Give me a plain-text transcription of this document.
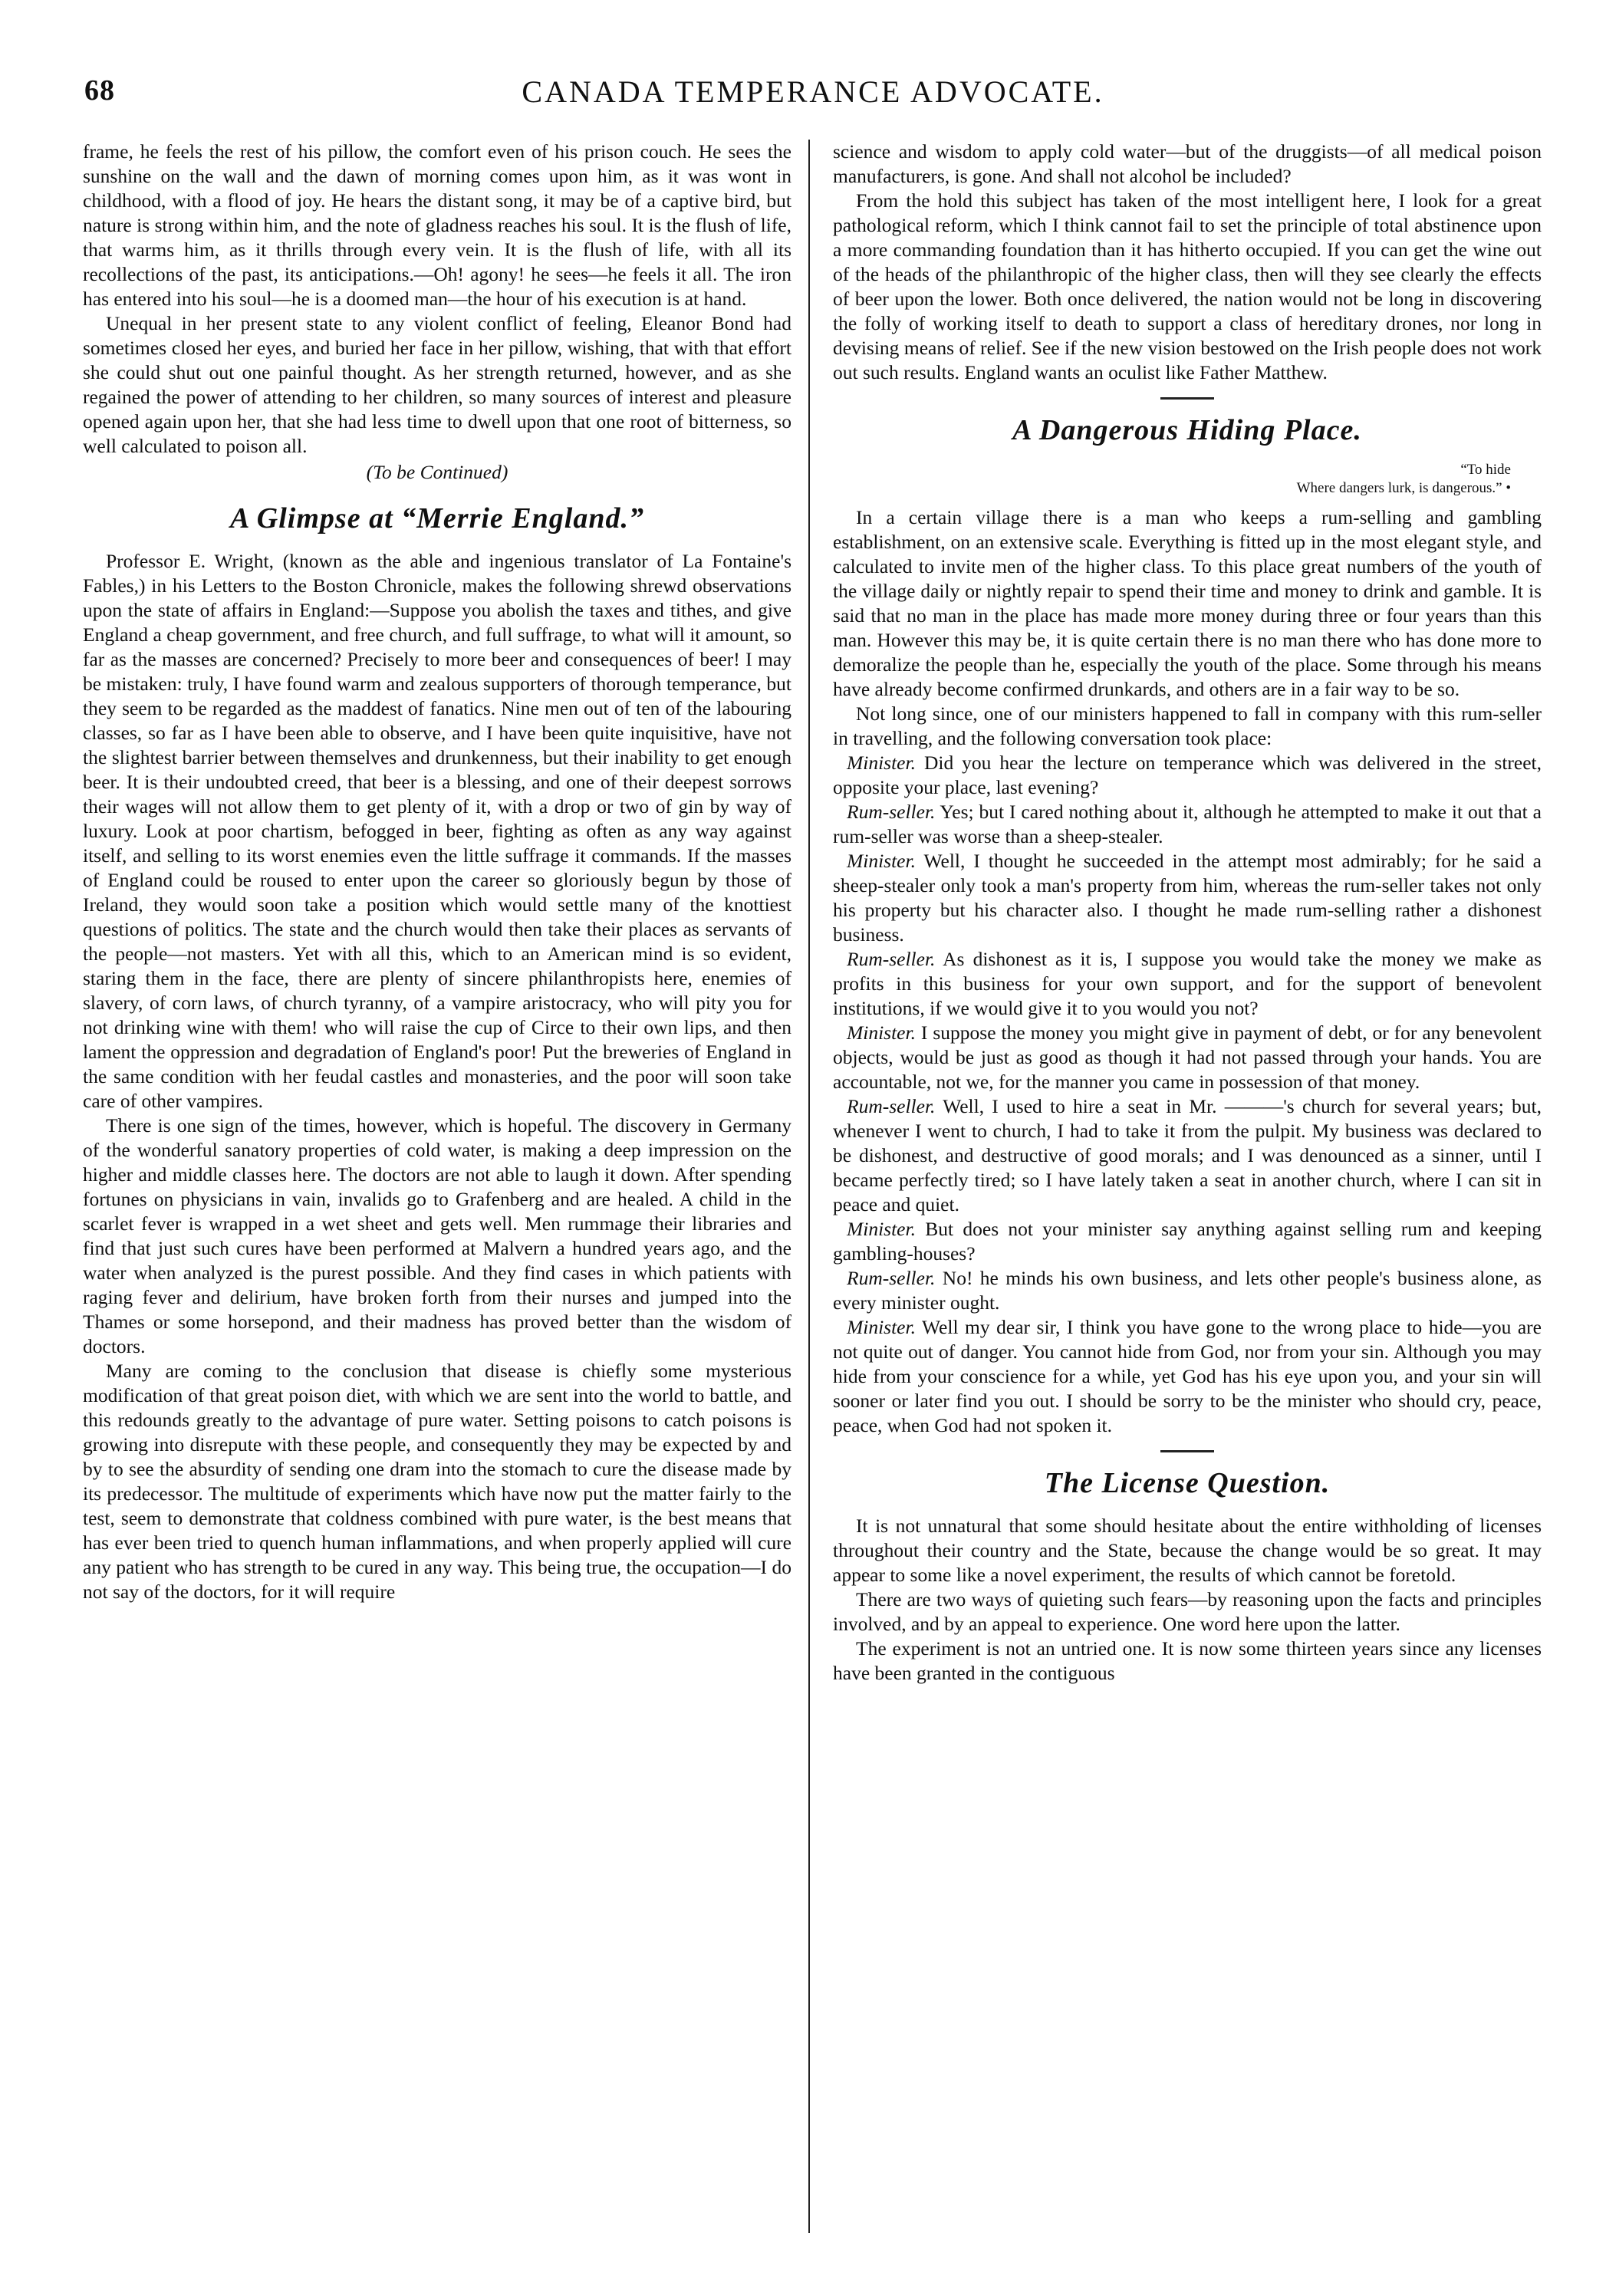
68	CANADA TEMPERANCE ADVOCATE.

frame, he feels the rest of his pillow, the comfort even of his prison couch. He sees the sunshine on the wall and the dawn of morning comes upon him, as it was wont in childhood, with a flood of joy. He hears the distant song, it may be of a captive bird, but nature is strong within him, and the note of gladness reaches his soul. It is the flush of life, that warms him, as it thrills through every vein. It is the flush of life, with all its recollections of the past, its anticipations.—Oh! agony! he sees—he feels it all. The iron has entered into his soul—he is a doomed man—the hour of his execution is at hand.

Unequal in her present state to any violent conflict of feeling, Eleanor Bond had sometimes closed her eyes, and buried her face in her pillow, wishing, that with that effort she could shut out one painful thought. As her strength returned, however, and as she regained the power of attending to her children, so many sources of interest and pleasure opened again upon her, that she had less time to dwell upon that one root of bitterness, so well calculated to poison all.

(To be Continued)

A Glimpse at “Merrie England.”

Professor E. Wright, (known as the able and ingenious translator of La Fontaine's Fables,) in his Letters to the Boston Chronicle, makes the following shrewd observations upon the state of affairs in England:—Suppose you abolish the taxes and tithes, and give England a cheap government, and free church, and full suffrage, to what will it amount, so far as the masses are concerned? Precisely to more beer and consequences of beer! I may be mistaken: truly, I have found warm and zealous supporters of thorough temperance, but they seem to be regarded as the maddest of fanatics. Nine men out of ten of the labouring classes, so far as I have been able to observe, and I have been quite inquisitive, have not the slightest barrier between themselves and drunkenness, but their inability to get enough beer. It is their undoubted creed, that beer is a blessing, and one of their deepest sorrows their wages will not allow them to get plenty of it, with a drop or two of gin by way of luxury. Look at poor chartism, befogged in beer, fighting as often as any way against itself, and selling to its worst enemies even the little suffrage it commands. If the masses of England could be roused to enter upon the career so gloriously begun by those of Ireland, they would soon take a position which would settle many of the knottiest questions of politics. The state and the church would then take their places as servants of the people—not masters. Yet with all this, which to an American mind is so evident, staring them in the face, there are plenty of sincere philanthropists here, enemies of slavery, of corn laws, of church tyranny, of a vampire aristocracy, who will pity you for not drinking wine with them! who will raise the cup of Circe to their own lips, and then lament the oppression and degradation of England's poor! Put the breweries of England in the same condition with her feudal castles and monasteries, and the poor will soon take care of other vampires.

There is one sign of the times, however, which is hopeful. The discovery in Germany of the wonderful sanatory properties of cold water, is making a deep impression on the higher and middle classes here. The doctors are not able to laugh it down. After spending fortunes on physicians in vain, invalids go to Grafenberg and are healed. A child in the scarlet fever is wrapped in a wet sheet and gets well. Men rummage their libraries and find that just such cures have been performed at Malvern a hundred years ago, and the water when analyzed is the purest possible. And they find cases in which patients with raging fever and delirium, have broken forth from their nurses and jumped into the Thames or some horsepond, and their madness has proved better than the wisdom of doctors.

Many are coming to the conclusion that disease is chiefly some mysterious modification of that great poison diet, with which we are sent into the world to battle, and this redounds greatly to the advantage of pure water. Setting poisons to catch poisons is growing into disrepute with these people, and consequently they may be expected by and by to see the absurdity of sending one dram into the stomach to cure the disease made by its predecessor. The multitude of experiments which have now put the matter fairly to the test, seem to demonstrate that coldness combined with pure water, is the best means that has ever been tried to quench human inflammations, and when properly applied will cure any patient who has strength to be cured in any way. This being true, the occupation—I do not say of the doctors, for it will require

science and wisdom to apply cold water—but of the druggists—of all medical poison manufacturers, is gone. And shall not alcohol be included?

From the hold this subject has taken of the most intelligent here, I look for a great pathological reform, which I think cannot fail to set the principle of total abstinence upon a more commanding foundation than it has hitherto occupied. If you can get the wine out of the heads of the philanthropic of the higher class, then will they see clearly the effects of beer upon the lower. Both once delivered, the nation would not be long in discovering the folly of working itself to death to support a class of hereditary drones, nor long in devising means of relief. See if the new vision bestowed on the Irish people does not work out such results. England wants an oculist like Father Matthew.

A Dangerous Hiding Place.
“To hide
Where dangers lurk, is dangerous.” •

In a certain village there is a man who keeps a rum-selling and gambling establishment, on an extensive scale. Everything is fitted up in the most elegant style, and calculated to invite men of the higher class. To this place great numbers of the youth of the village daily or nightly repair to spend their time and money to drink and gamble. It is said that no man in the place has made more money during three or four years than this man. However this may be, it is quite certain there is no man there who has done more to demoralize the people than he, especially the youth of the place. Some through his means have already become confirmed drunkards, and others are in a fair way to be so.

Not long since, one of our ministers happened to fall in company with this rum-seller in travelling, and the following conversation took place:

Minister. Did you hear the lecture on temperance which was delivered in the street, opposite your place, last evening?

Rum-seller. Yes; but I cared nothing about it, although he attempted to make it out that a rum-seller was worse than a sheep-stealer.

Minister. Well, I thought he succeeded in the attempt most admirably; for he said a sheep-stealer only took a man's property from him, whereas the rum-seller takes not only his property but his character also. I thought he made rum-selling rather a dishonest business.

Rum-seller. As dishonest as it is, I suppose you would take the money we make as profits in this business for your own support, and for the support of benevolent institutions, if we would give it to you would you not?

Minister. I suppose the money you might give in payment of debt, or for any benevolent objects, would be just as good as though it had not passed through your hands. You are accountable, not we, for the manner you came in possession of that money.

Rum-seller. Well, I used to hire a seat in Mr. ———'s church for several years; but, whenever I went to church, I had to take it from the pulpit. My business was declared to be dishonest, and destructive of good morals; and I was denounced as a sinner, until I became perfectly tired; so I have lately taken a seat in another church, where I can sit in peace and quiet.

Minister. But does not your minister say anything against selling rum and keeping gambling-houses?

Rum-seller. No! he minds his own business, and lets other people's business alone, as every minister ought.

Minister. Well my dear sir, I think you have gone to the wrong place to hide—you are not quite out of danger. You cannot hide from God, nor from your sin. Although you may hide from your conscience for a while, yet God has his eye upon you, and your sin will sooner or later find you out. I should be sorry to be the minister who should cry, peace, peace, when God had not spoken it.

The License Question.

It is not unnatural that some should hesitate about the entire withholding of licenses throughout their country and the State, because the change would be so great. It may appear to some like a novel experiment, the results of which cannot be foretold.

There are two ways of quieting such fears—by reasoning upon the facts and principles involved, and by an appeal to experience. One word here upon the latter.

The experiment is not an untried one. It is now some thirteen years since any licenses have been granted in the contiguous
